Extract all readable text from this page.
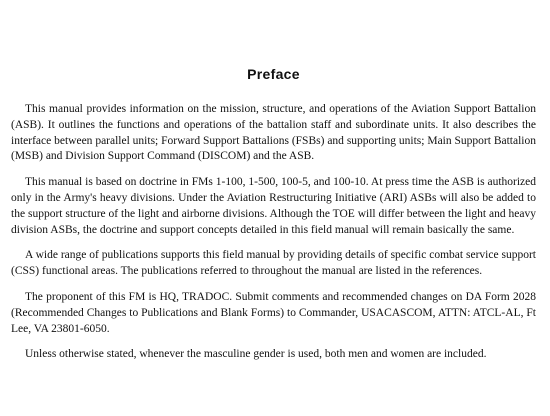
Preface

This manual provides information on the mission, structure, and operations of the Aviation Support Battalion (ASB). It outlines the functions and operations of the battalion staff and subordinate units. It also describes the interface between parallel units; Forward Support Battalions (FSBs) and supporting units; Main Support Battalion (MSB) and Division Support Command (DISCOM) and the ASB.

This manual is based on doctrine in FMs 1-100, 1-500, 100-5, and 100-10. At press time the ASB is authorized only in the Army's heavy divisions. Under the Aviation Restructuring Initiative (ARI) ASBs will also be added to the support structure of the light and airborne divisions. Although the TOE will differ between the light and heavy division ASBs, the doctrine and support concepts detailed in this field manual will remain basically the same.

A wide range of publications supports this field manual by providing details of specific combat service support (CSS) functional areas. The publications referred to throughout the manual are listed in the references.

The proponent of this FM is HQ, TRADOC. Submit comments and recommended changes on DA Form 2028 (Recommended Changes to Publications and Blank Forms) to Commander, USACASCOM, ATTN: ATCL-AL, Ft Lee, VA 23801-6050.

Unless otherwise stated, whenever the masculine gender is used, both men and women are included.
